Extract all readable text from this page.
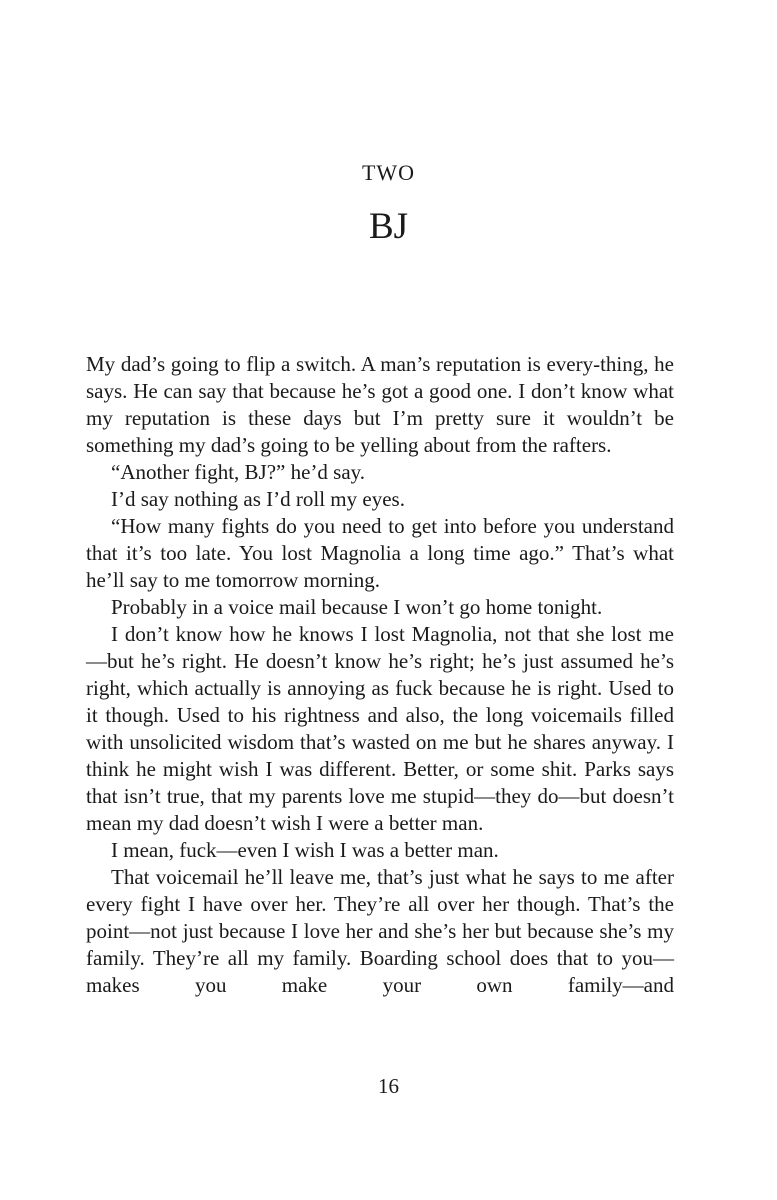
TWO
BJ

My dad’s going to flip a switch. A man’s reputation is every-thing, he says. He can say that because he’s got a good one. I don’t know what my reputation is these days but I’m pretty sure it wouldn’t be something my dad’s going to be yelling about from the rafters.

“Another fight, BJ?” he’d say.

I’d say nothing as I’d roll my eyes.

“How many fights do you need to get into before you understand that it’s too late. You lost Magnolia a long time ago.” That’s what he’ll say to me tomorrow morning.

Probably in a voice mail because I won’t go home tonight.

I don’t know how he knows I lost Magnolia, not that she lost me—but he’s right. He doesn’t know he’s right; he’s just assumed he’s right, which actually is annoying as fuck because he is right. Used to it though. Used to his rightness and also, the long voicemails filled with unsolicited wisdom that’s wasted on me but he shares anyway. I think he might wish I was different. Better, or some shit. Parks says that isn’t true, that my parents love me stupid—they do—but doesn’t mean my dad doesn’t wish I were a better man.

I mean, fuck—even I wish I was a better man.

That voicemail he’ll leave me, that’s just what he says to me after every fight I have over her. They’re all over her though. That’s the point—not just because I love her and she’s her but because she’s my family. They’re all my family. Boarding school does that to you—makes you make your own family—and

16
